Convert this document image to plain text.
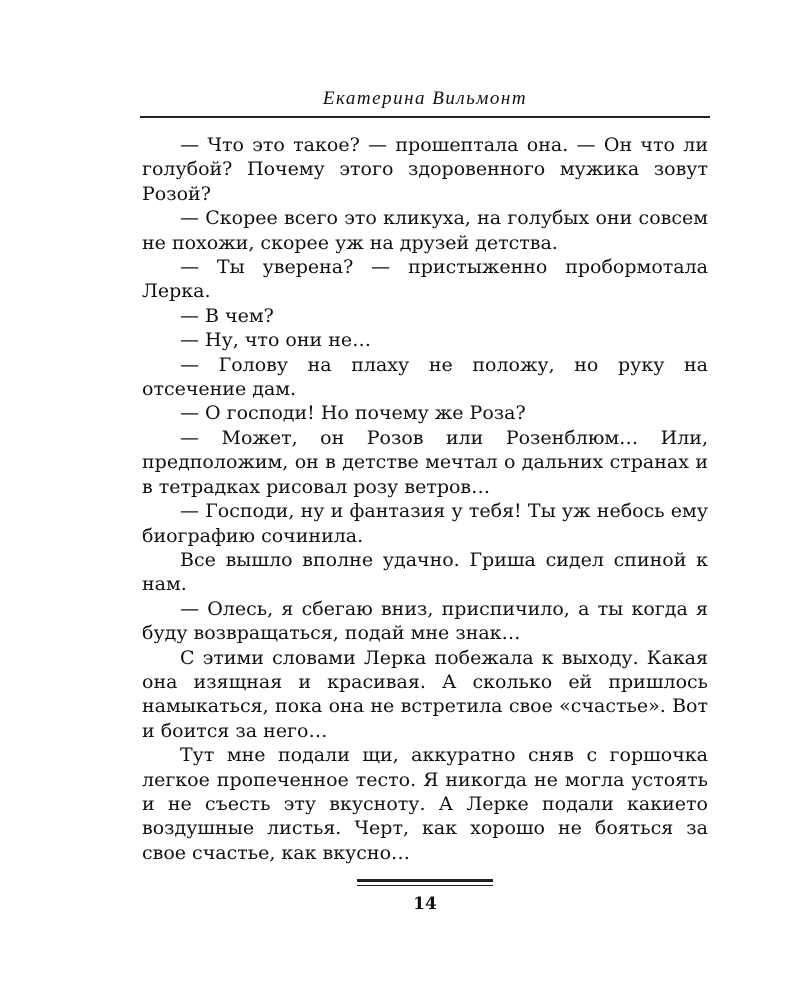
Екатерина Вильмонт

— Что это такое? — прошептала она. — Он что ли голубой? Почему этого здоровенного мужика зовут Розой?

— Скорее всего это кликуха, на голубых они совсем не похожи, скорее уж на друзей детства.

— Ты уверена? — пристыженно пробормотала Лерка.

— В чем?

— Ну, что они не…

— Голову на плаху не положу, но руку на отсечение дам.

— О господи! Но почему же Роза?

— Может, он Розов или Розенблюм… Или, предположим, он в детстве мечтал о дальних странах и в тетрадках рисовал розу ветров…

— Господи, ну и фантазия у тебя! Ты уж небось ему биографию сочинила.

Все вышло вполне удачно. Гриша сидел спиной к нам.

— Олесь, я сбегаю вниз, приспичило, а ты когда я буду возвращаться, подай мне знак…

С этими словами Лерка побежала к выходу. Какая она изящная и красивая. А сколько ей пришлось намыкаться, пока она не встретила свое «счастье». Вот и боится за него…

Тут мне подали щи, аккуратно сняв с горшочка легкое пропеченное тесто. Я никогда не могла устоять и не съесть эту вкусноту. А Лерке подали какието воздушные листья. Черт, как хорошо не бояться за свое счастье, как вкусно…

14
